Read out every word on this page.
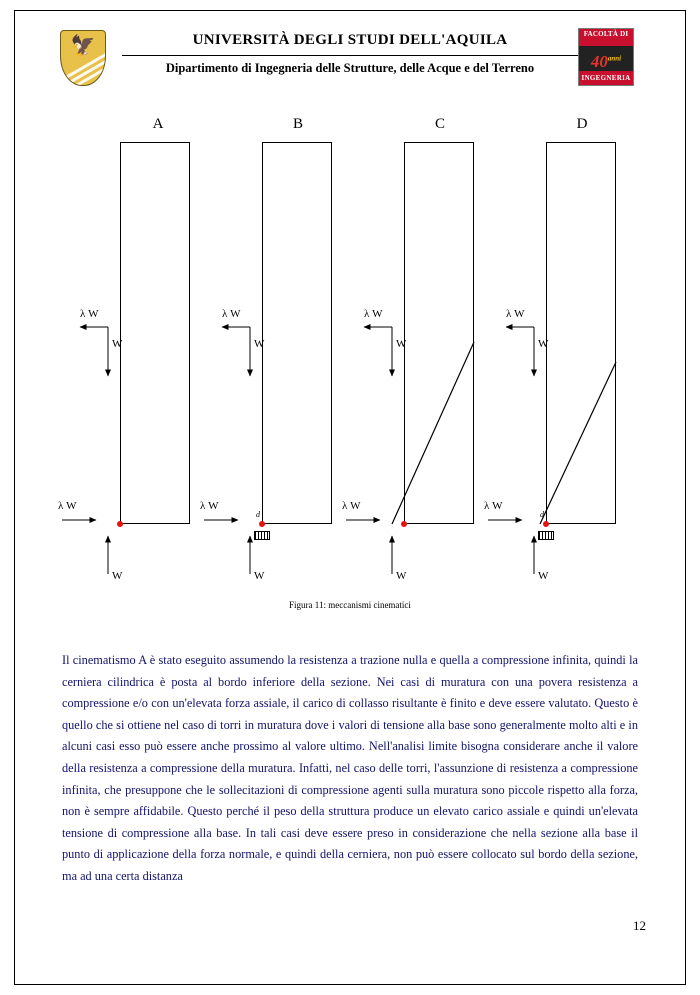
🦅	UNIVERSITÀ DEGLI STUDI DELL'AQUILA
Dipartimento di Ingegneria delle Strutture, delle Acque e del Terreno
FACOLTÀ DI
$40^{anni}$
INGEGNERIA
A	B	C	D
λ W
W
λ W
W
λ W
W
λ W
W
d
λ W
W
λ W
W
λ W
W
λ W
W
d
Figura 11: meccanismi cinematici
Il cinematismo A è stato eseguito assumendo la resistenza a trazione nulla e quella a compressione infinita, quindi la cerniera cilindrica è posta al bordo inferiore della sezione. Nei casi di muratura con una povera resistenza a compressione e/o con un'elevata forza assiale, il carico di collasso risultante è finito e deve essere valutato. Questo è quello che si ottiene nel caso di torri in muratura dove i valori di tensione alla base sono generalmente molto alti e in alcuni casi esso può essere anche prossimo al valore ultimo. Nell'analisi limite bisogna considerare anche il valore della resistenza a compressione della muratura. Infatti, nel caso delle torri, l'assunzione di resistenza a compressione infinita, che presuppone che le sollecitazioni di compressione agenti sulla muratura sono piccole rispetto alla forza, non è sempre affidabile. Questo perché il peso della struttura produce un elevato carico assiale e quindi un'elevata tensione di compressione alla base. In tali casi deve essere preso in considerazione che nella sezione alla base il punto di applicazione della forza normale, e quindi della cerniera, non può essere collocato sul bordo della sezione, ma ad una certa distanza
12
